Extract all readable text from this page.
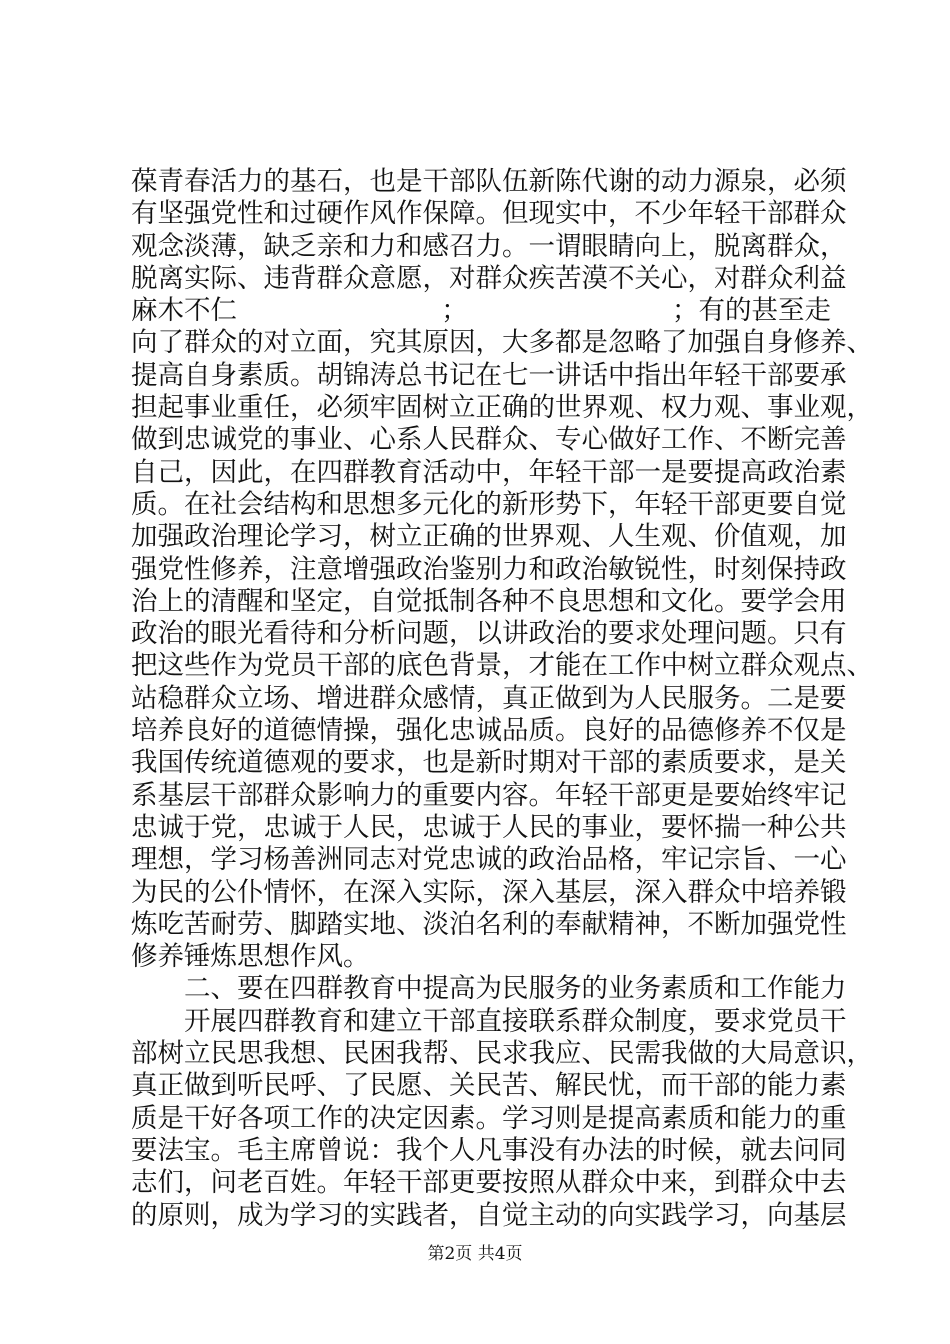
葆青春活力的基石，也是干部队伍新陈代谢的动力源泉，必须
有坚强党性和过硬作风作保障。但现实中，不少年轻干部群众
观念淡薄，缺乏亲和力和感召力。一谓眼睛向上，脱离群众，
脱离实际、违背群众意愿，对群众疾苦漠不关心，对群众利益
麻木不仁	；	；有的甚至走
向了群众的对立面，究其原因，大多都是忽略了加强自身修养、
提高自身素质。胡锦涛总书记在七一讲话中指出年轻干部要承
担起事业重任，必须牢固树立正确的世界观、权力观、事业观，
做到忠诚党的事业、心系人民群众、专心做好工作、不断完善
自己，因此，在四群教育活动中，年轻干部一是要提高政治素
质。在社会结构和思想多元化的新形势下，年轻干部更要自觉
加强政治理论学习，树立正确的世界观、人生观、价值观，加
强党性修养，注意增强政治鉴别力和政治敏锐性，时刻保持政
治上的清醒和坚定，自觉抵制各种不良思想和文化。要学会用
政治的眼光看待和分析问题，以讲政治的要求处理问题。只有
把这些作为党员干部的底色背景，才能在工作中树立群众观点、
站稳群众立场、增进群众感情，真正做到为人民服务。二是要
培养良好的道德情操，强化忠诚品质。良好的品德修养不仅是
我国传统道德观的要求，也是新时期对干部的素质要求，是关
系基层干部群众影响力的重要内容。年轻干部更是要始终牢记
忠诚于党，忠诚于人民，忠诚于人民的事业，要怀揣一种公共
理想，学习杨善洲同志对党忠诚的政治品格，牢记宗旨、一心
为民的公仆情怀，在深入实际，深入基层，深入群众中培养锻
炼吃苦耐劳、脚踏实地、淡泊名利的奉献精神，不断加强党性
修养锤炼思想作风。
二、要在四群教育中提高为民服务的业务素质和工作能力
开展四群教育和建立干部直接联系群众制度，要求党员干
部树立民思我想、民困我帮、民求我应、民需我做的大局意识，
真正做到听民呼、了民愿、关民苦、解民忧，而干部的能力素
质是干好各项工作的决定因素。学习则是提高素质和能力的重
要法宝。毛主席曾说：我个人凡事没有办法的时候，就去问同
志们，问老百姓。年轻干部更要按照从群众中来，到群众中去
的原则，成为学习的实践者，自觉主动的向实践学习，向基层
第2页 共4页
